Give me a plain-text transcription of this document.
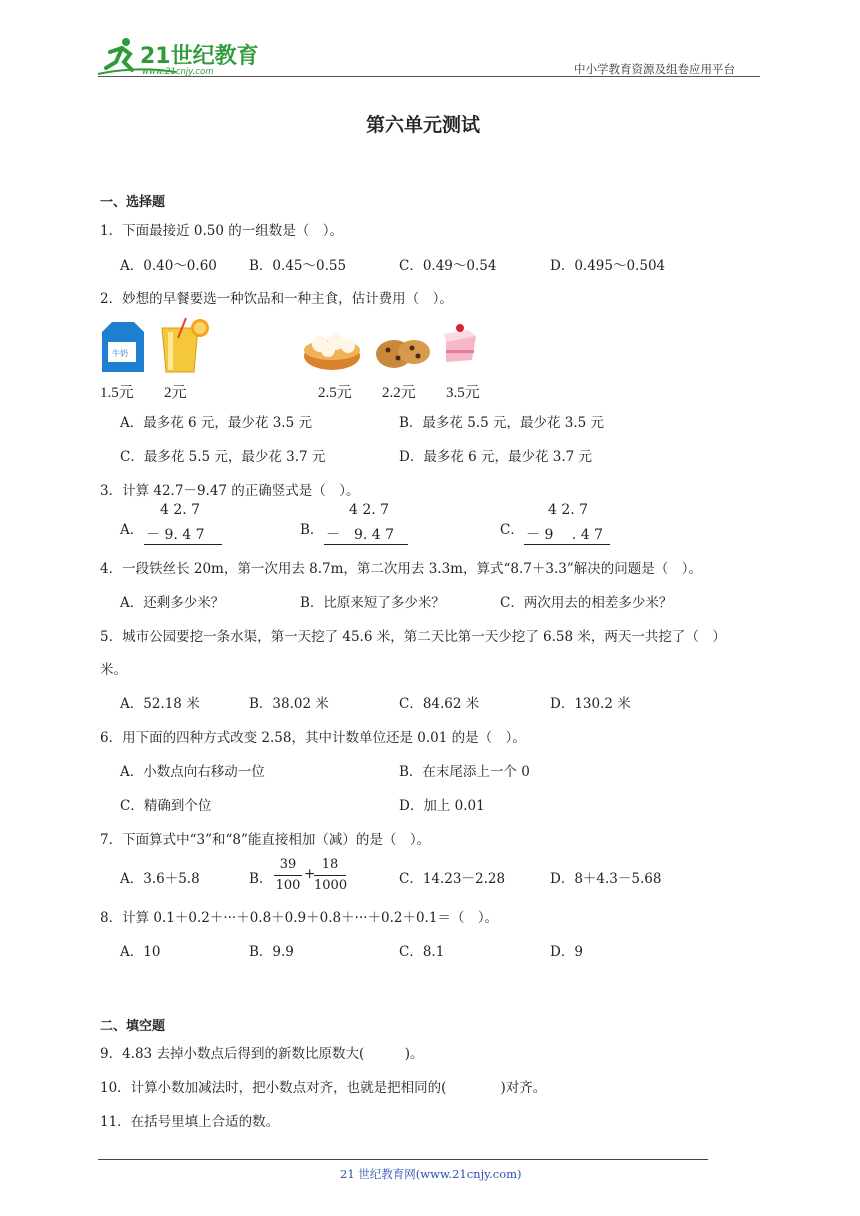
21世纪教育
www.21cnjy.com	中小学教育资源及组卷应用平台
第六单元测试
一、选择题
1．下面最接近 0.50 的一组数是（　）。
A．0.40～0.60 B．0.45～0.55	C．0.49～0.54	D．0.495～0.504
2．妙想的早餐要选一种饮品和一种主食，估计费用（　）。
牛奶
1.5元 2元	2.5元 2.2元 3.5元
A．最多花 6 元，最少花 3.5 元	B．最多花 5.5 元，最少花 3.5 元
C．最多花 5.5 元，最少花 3.7 元	D．最多花 6 元，最少花 3.7 元
3．计算 42.7－9.47 的正确竖式是（　）。
A．
4 2. 7
－ 9. 4 7	B．
4 2. 7
－　9. 4 7	C．
4 2. 7
－ 9 　. 4 7
4．一段铁丝长 20m，第一次用去 8.7m，第二次用去 3.3m，算式“8.7＋3.3”解决的问题是（　）。
A．还剩多少米？	B．比原来短了多少米？	C．两次用去的相差多少米？
5．城市公园要挖一条水渠，第一天挖了 45.6 米，第二天比第一天少挖了 6.58 米，两天一共挖了（　）
米。
A．52.18 米	B．38.02 米	C．84.62 米	D．130.2 米
6．用下面的四种方式改变 2.58，其中计数单位还是 0.01 的是（　）。
A．小数点向右移动一位	B．在末尾添上一个 0
C．精确到个位	D．加上 0.01
7．下面算式中“3”和“8”能直接相加（减）的是（　）。
A．3.6＋5.8	B．
39
100
+
18
1000	C．14.23－2.28	D．8＋4.3－5.68
8．计算 0.1＋0.2＋···＋0.8＋0.9＋0.8＋···＋0.2＋0.1＝（　）。
A．10	B．9.9	C．8.1	D．9
二、填空题
9．4.83 去掉小数点后得到的新数比原数大(　　　)。
10．计算小数加减法时，把小数点对齐，也就是把相同的(　　　　)对齐。
11．在括号里填上合适的数。
21 世纪教育网(www.21cnjy.com)
